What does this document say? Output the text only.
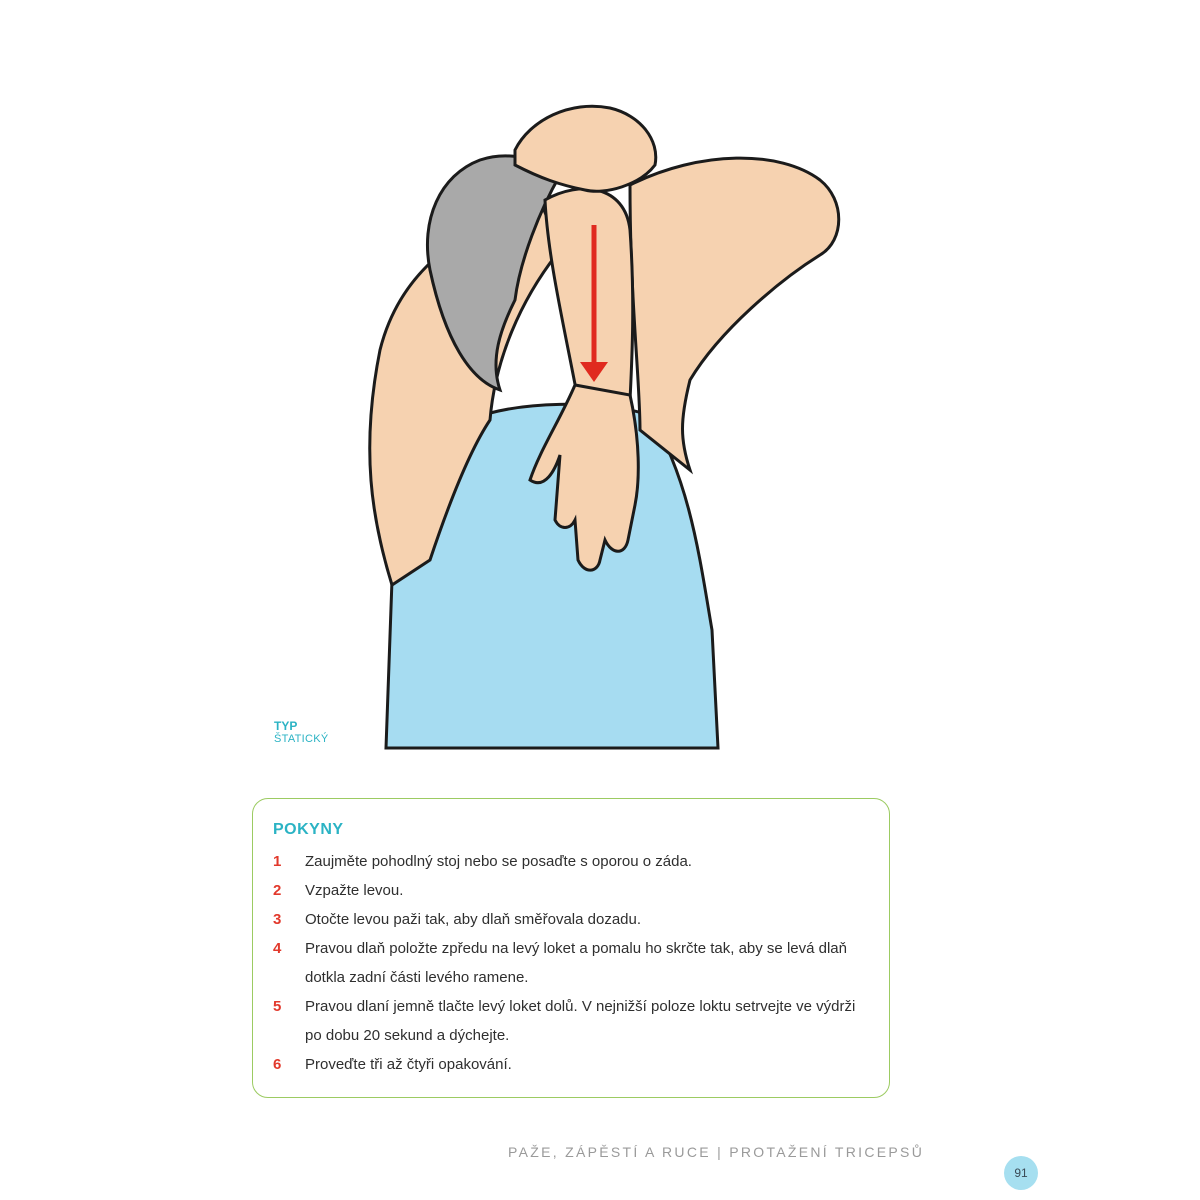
TYP
ŠTATICKÝ
POKYNY
1	Zaujměte pohodlný stoj nebo se posaďte s oporou o záda.
2	Vzpažte levou.
3	Otočte levou paži tak, aby dlaň směřovala dozadu.
4	Pravou dlaň položte zpředu na levý loket a pomalu ho skrčte tak, aby se levá dlaň dotkla zadní části levého ramene.
5	Pravou dlaní jemně tlačte levý loket dolů. V nejnižší poloze loktu setrvejte ve výdrži po dobu 20 sekund a dýchejte.
6	Proveďte tři až čtyři opakování.
PAŽE, ZÁPĚSTÍ A RUCE | PROTAŽENÍ TRICEPSŮ
91
